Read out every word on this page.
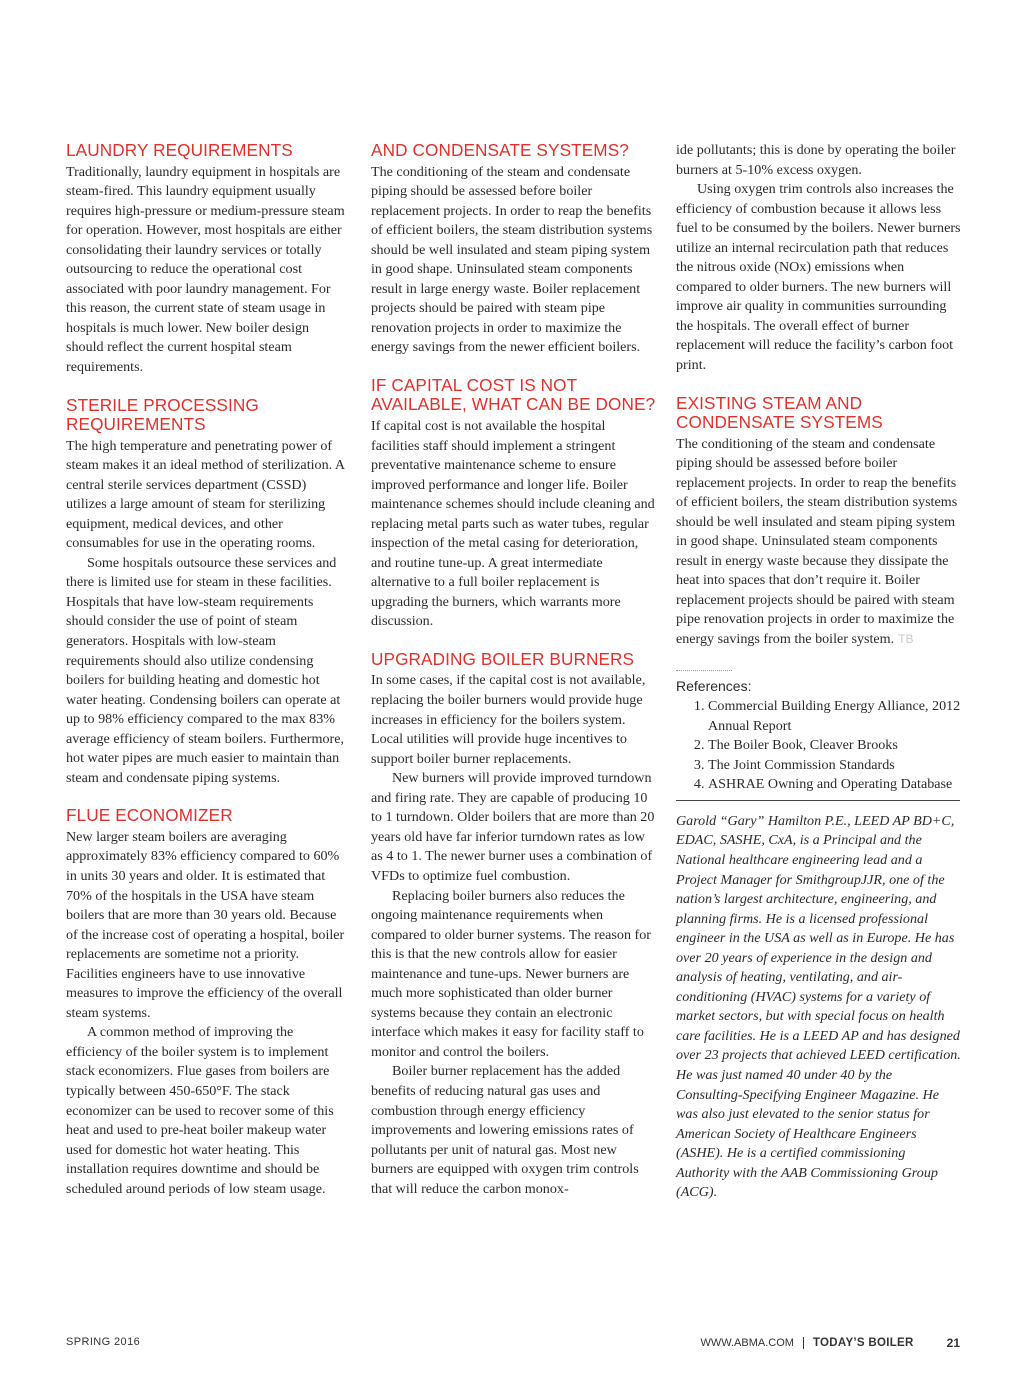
LAUNDRY REQUIREMENTS

Traditionally, laundry equipment in hospitals are steam-fired. This laundry equipment usually requires high-pressure or medium-pressure steam for operation. However, most hospitals are either consolidating their laundry services or totally outsourcing to reduce the operational cost associated with poor laundry management. For this reason, the current state of steam usage in hospitals is much lower. New boiler design should reflect the current hospital steam requirements.

STERILE PROCESSING REQUIREMENTS

The high temperature and penetrating power of steam makes it an ideal method of sterilization. A central sterile services department (CSSD) utilizes a large amount of steam for sterilizing equipment, medical devices, and other consumables for use in the operating rooms.

Some hospitals outsource these services and there is limited use for steam in these facilities. Hospitals that have low-steam requirements should consider the use of point of steam generators. Hospitals with low-steam requirements should also utilize condensing boilers for building heating and domestic hot water heating. Condensing boilers can operate at up to 98% efficiency compared to the max 83% average efficiency of steam boilers. Furthermore, hot water pipes are much easier to maintain than steam and condensate piping systems.

FLUE ECONOMIZER

New larger steam boilers are averaging approximately 83% efficiency compared to 60% in units 30 years and older. It is estimated that 70% of the hospitals in the USA have steam boilers that are more than 30 years old. Because of the increase cost of operating a hospital, boiler replacements are sometime not a priority. Facilities engineers have to use innovative measures to improve the efficiency of the overall steam systems.

A common method of improving the efficiency of the boiler system is to implement stack economizers. Flue gases from boilers are typically between 450-650°F. The stack economizer can be used to recover some of this heat and used to pre-heat boiler makeup water used for domestic hot water heating. This installation requires downtime and should be scheduled around periods of low steam usage.

AND CONDENSATE SYSTEMS?

The conditioning of the steam and condensate piping should be assessed before boiler replacement projects. In order to reap the benefits of efficient boilers, the steam distribution systems should be well insulated and steam piping system in good shape. Uninsulated steam components result in large energy waste. Boiler replacement projects should be paired with steam pipe renovation projects in order to maximize the energy savings from the newer efficient boilers.

IF CAPITAL COST IS NOT AVAILABLE, WHAT CAN BE DONE?

If capital cost is not available the hospital facilities staff should implement a stringent preventative maintenance scheme to ensure improved performance and longer life. Boiler maintenance schemes should include cleaning and replacing metal parts such as water tubes, regular inspection of the metal casing for deterioration, and routine tune-up. A great intermediate alternative to a full boiler replacement is upgrading the burners, which warrants more discussion.

UPGRADING BOILER BURNERS

In some cases, if the capital cost is not available, replacing the boiler burners would provide huge increases in efficiency for the boilers system. Local utilities will provide huge incentives to support boiler burner replacements.

New burners will provide improved turndown and firing rate. They are capable of producing 10 to 1 turndown. Older boilers that are more than 20 years old have far inferior turndown rates as low as 4 to 1. The newer burner uses a combination of VFDs to optimize fuel combustion.

Replacing boiler burners also reduces the ongoing maintenance requirements when compared to older burner systems. The reason for this is that the new controls allow for easier maintenance and tune-ups. Newer burners are much more sophisticated than older burner systems because they contain an electronic interface which makes it easy for facility staff to monitor and control the boilers.

Boiler burner replacement has the added benefits of reducing natural gas uses and combustion through energy efficiency improvements and lowering emissions rates of pollutants per unit of natural gas. Most new burners are equipped with oxygen trim controls that will reduce the carbon monox-

ide pollutants; this is done by operating the boiler burners at 5-10% excess oxygen.

Using oxygen trim controls also increases the efficiency of combustion because it allows less fuel to be consumed by the boilers. Newer burners utilize an internal recirculation path that reduces the nitrous oxide (NOx) emissions when compared to older burners. The new burners will improve air quality in communities surrounding the hospitals. The overall effect of burner replacement will reduce the facility’s carbon foot print.

EXISTING STEAM AND CONDENSATE SYSTEMS

The conditioning of the steam and condensate piping should be assessed before boiler replacement projects. In order to reap the benefits of efficient boilers, the steam distribution systems should be well insulated and steam piping system in good shape. Uninsulated steam components result in energy waste because they dissipate the heat into spaces that don’t require it. Boiler replacement projects should be paired with steam pipe renovation projects in order to maximize the energy savings from the boiler system. TB

References:
1. Commercial Building Energy Alliance, 2012 Annual Report
2. The Boiler Book, Cleaver Brooks
3. The Joint Commission Standards
4. ASHRAE Owning and Operating Database

Garold “Gary” Hamilton P.E., LEED AP BD+C, EDAC, SASHE, CxA, is a Principal and the National healthcare engineering lead and a Project Manager for SmithgroupJJR, one of the nation’s largest architecture, engineering, and planning firms. He is a licensed professional engineer in the USA as well as in Europe. He has over 20 years of experience in the design and analysis of heating, ventilating, and air-conditioning (HVAC) systems for a variety of market sectors, but with special focus on health care facilities. He is a LEED AP and has designed over 23 projects that achieved LEED certification. He was just named 40 under 40 by the Consulting-Specifying Engineer Magazine. He was also just elevated to the senior status for American Society of Healthcare Engineers (ASHE). He is a certified commissioning Authority with the AAB Commissioning Group (ACG).

SPRING 2016	WWW.ABMA.COM TODAY’S BOILER	21
